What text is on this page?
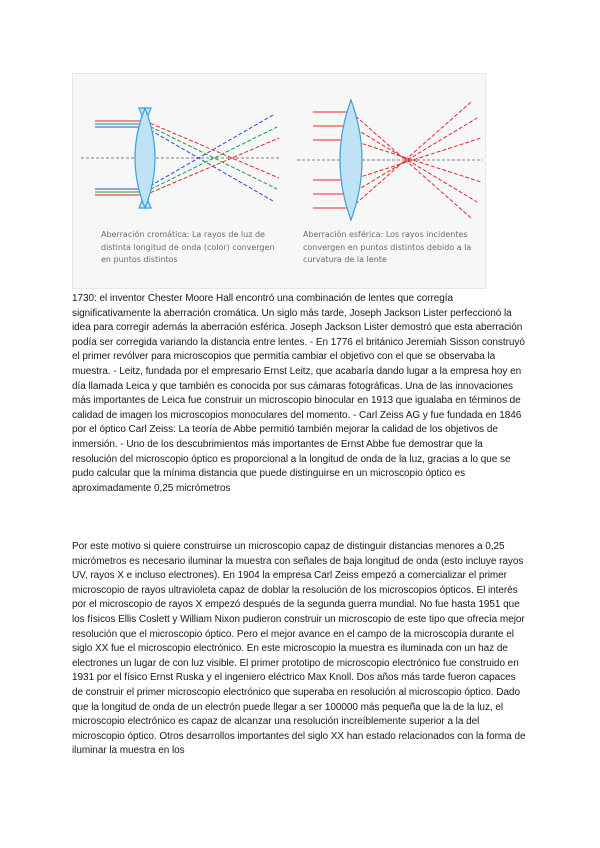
Aberración cromática: La rayos de luz de distinta longitud de onda (color) convergen en puntos distintos
Aberración esférica: Los rayos incidentes convergen en puntos distintos debido a la curvatura de la lente
1730: el inventor Chester Moore Hall encontró una combinación de lentes que corregía significativamente la aberración cromática. Un siglo más tarde, Joseph Jackson Lister perfeccionó la idea para corregir además la aberración esférica. Joseph Jackson Lister demostró que esta aberración podía ser corregida variando la distancia entre lentes. - En 1776 el británico Jeremiah Sisson construyó el primer revólver para microscopios que permitía cambiar el objetivo con el que se observaba la muestra. - Leitz, fundada por el empresario Ernst Leitz, que acabaría dando lugar a la empresa hoy en día llamada Leica y que también es conocida por sus cámaras fotográficas. Una de las innovaciones más importantes de Leica fue construir un microscopio binocular en 1913 que igualaba en términos de calidad de imagen los microscopios monoculares del momento. - Carl Zeiss AG y fue fundada en 1846 por el óptico Carl Zeiss: La teoría de Abbe permitió también mejorar la calidad de los objetivos de inmersión. - Uno de los descubrimientos más importantes de Ernst Abbe fue demostrar que la resolución del microscopio óptico es proporcional a la longitud de onda de la luz, gracias a lo que se pudo calcular que la mínima distancia que puede distinguirse en un microscopio óptico es aproximadamente 0,25 micrómetros
Por este motivo si quiere construirse un microscopio capaz de distinguir distancias menores a 0,25 micrómetros es necesario iluminar la muestra con señales de baja longitud de onda (esto incluye rayos UV, rayos X e incluso electrones). En 1904 la empresa Carl Zeiss empezó a comercializar el primer microscopio de rayos ultravioleta capaz de doblar la resolución de los microscopios ópticos. El interés por el microscopio de rayos X empezó después de la segunda guerra mundial. No fue hasta 1951 que los físicos Ellis Coslett y William Nixon pudieron construir un microscopio de este tipo que ofrecía mejor resolución que el microscopio óptico. Pero el mejor avance en el campo de la microscopía durante el siglo XX fue el microscopio electrónico. En este microscopio la muestra es iluminada con un haz de electrones un lugar de con luz visible. El primer prototipo de microscopio electrónico fue construido en 1931 por el físico Ernst Ruska y el ingeniero eléctrico Max Knoll. Dos años más tarde fueron capaces de construir el primer microscopio electrónico que superaba en resolución al microscopio óptico. Dado que la longitud de onda de un electrón puede llegar a ser 100000 más pequeña que la de la luz, el microscopio electrónico es capaz de alcanzar una resolución increíblemente superior a la del microscopio óptico. Otros desarrollos importantes del siglo XX han estado relacionados con la forma de iluminar la muestra en los
